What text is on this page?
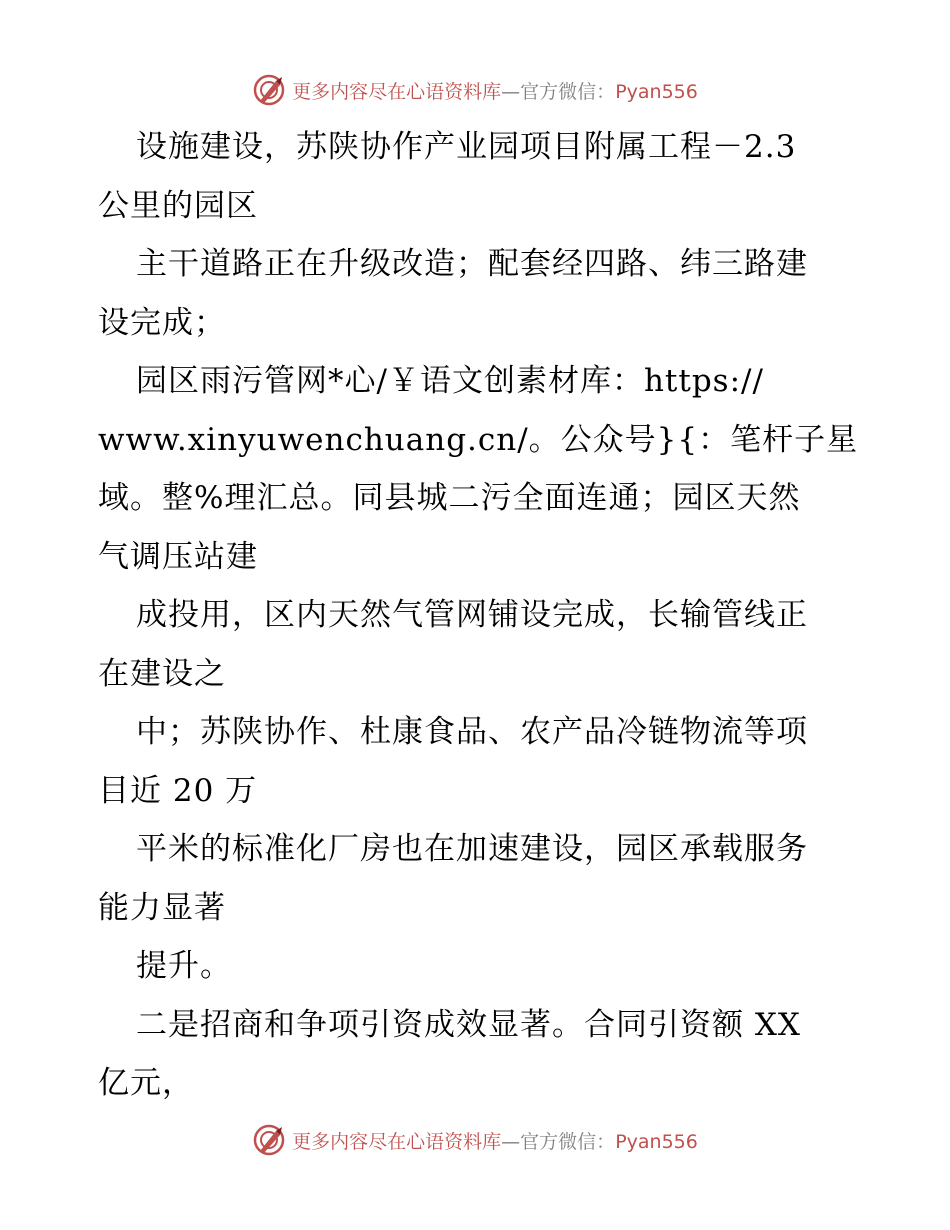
更多内容尽在心语资料库—官方微信：Pyan556
设施建设，苏陕协作产业园项目附属工程－2.3
公里的园区
主干道路正在升级改造；配套经四路、纬三路建
设完成；
园区雨污管网*心/￥语文创素材库：https://
www.xinyuwenchuang.cn/。公众号}{：笔杆子星
域。整%理汇总。同县城二污全面连通；园区天然
气调压站建
成投用，区内天然气管网铺设完成，长输管线正
在建设之
中；苏陕协作、杜康食品、农产品冷链物流等项
目近 20 万
平米的标准化厂房也在加速建设，园区承载服务
能力显著
提升。
二是招商和争项引资成效显著。合同引资额 XX
亿元，
更多内容尽在心语资料库—官方微信：Pyan556
